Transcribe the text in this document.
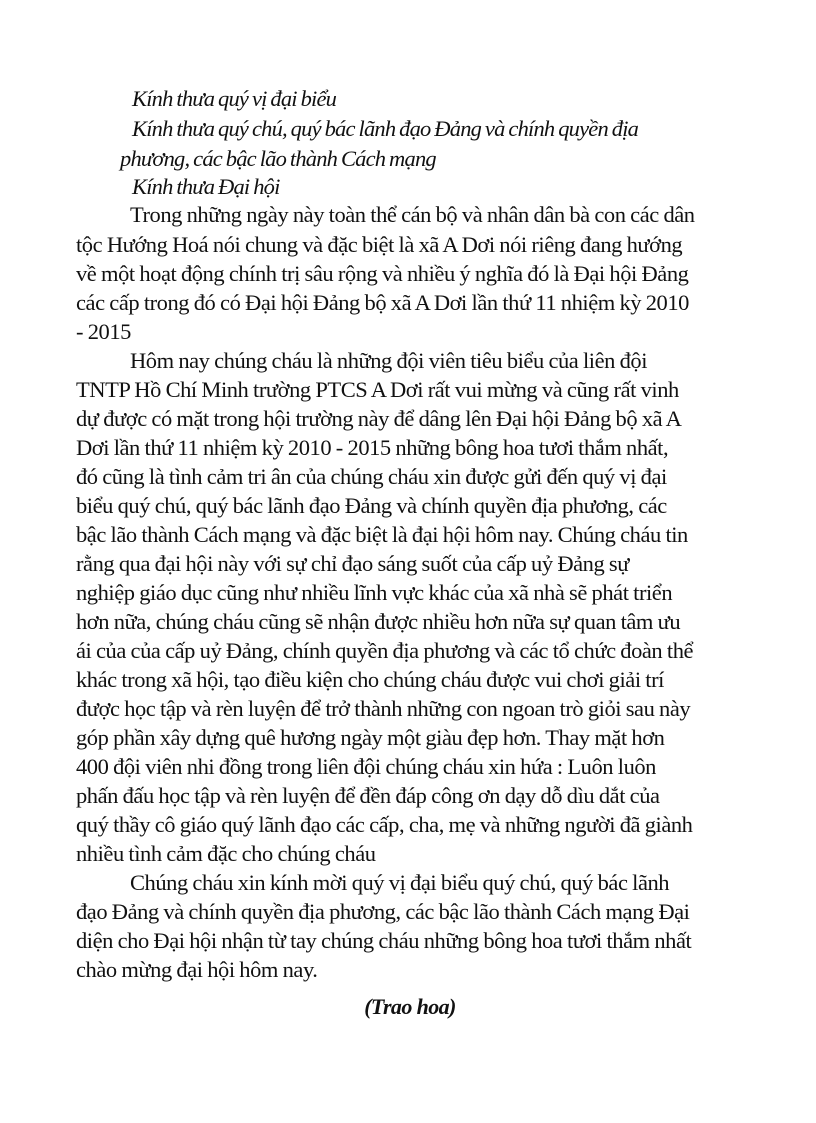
Kính thưa quý vị đại biểu
Kính thưa quý chú, quý bác lãnh đạo Đảng và chính quyền địa
phương, các bậc lão thành Cách mạng
Kính thưa Đại hội
Trong những ngày này toàn thể cán bộ và nhân dân bà con các dân
tộc Hướng Hoá nói chung và đặc biệt là xã A Dơi nói riêng đang hướng
về một hoạt động chính trị sâu rộng và nhiều ý nghĩa đó là Đại hội Đảng
các cấp trong đó có Đại hội Đảng bộ xã A Dơi lần thứ 11 nhiệm kỳ 2010
- 2015
Hôm nay chúng cháu là những đội viên tiêu biểu của liên đội
TNTP Hồ Chí Minh trường PTCS A Dơi rất vui mừng và cũng rất vinh
dự được có mặt trong hội trường này để dâng lên Đại hội Đảng bộ xã A
Dơi lần thứ 11 nhiệm kỳ 2010 - 2015 những bông hoa tươi thắm nhất,
đó cũng là tình cảm tri ân của chúng cháu xin được gửi đến quý vị đại
biểu quý chú, quý bác lãnh đạo Đảng và chính quyền địa phương, các
bậc lão thành Cách mạng và đặc biệt là đại hội hôm nay. Chúng cháu tin
rằng qua đại hội này với sự chỉ đạo sáng suốt của cấp uỷ Đảng sự
nghiệp giáo dục cũng như nhiều lĩnh vực khác của xã nhà sẽ phát triển
hơn nữa, chúng cháu cũng sẽ nhận được nhiều hơn nữa sự quan tâm ưu
ái của của cấp uỷ Đảng, chính quyền địa phương và các tổ chức đoàn thể
khác trong xã hội, tạo điều kiện cho chúng cháu được vui chơi giải trí
được học tập và rèn luyện để trở thành những con ngoan trò giỏi sau này
góp phần xây dựng quê hương ngày một giàu đẹp hơn. Thay mặt hơn
400 đội viên nhi đồng trong liên đội chúng cháu xin hứa : Luôn luôn
phấn đấu học tập và rèn luyện để đền đáp công ơn dạy dỗ dìu dắt của
quý thầy cô giáo quý lãnh đạo các cấp, cha, mẹ và những người đã giành
nhiều tình cảm đặc cho chúng cháu
Chúng cháu xin kính mời quý vị đại biểu quý chú, quý bác lãnh
đạo Đảng và chính quyền địa phương, các bậc lão thành Cách mạng Đại
diện cho Đại hội nhận từ tay chúng cháu những bông hoa tươi thắm nhất
chào mừng đại hội hôm nay.
(Trao hoa)
